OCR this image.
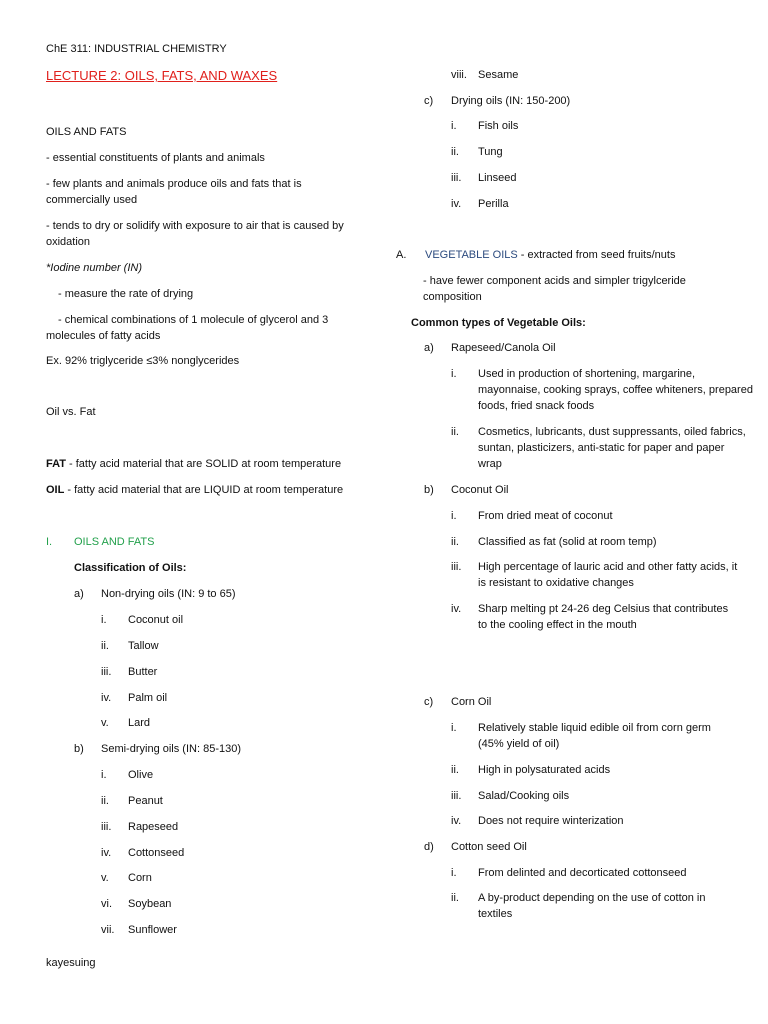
ChE 311: INDUSTRIAL CHEMISTRY
LECTURE 2: OILS, FATS, AND WAXES
OILS AND FATS
- essential constituents of plants and animals
- few plants and animals produce oils and fats that is commercially used
- tends to dry or solidify with exposure to air that is caused by oxidation
*Iodine number (IN)
- measure the rate of drying
- chemical combinations of 1 molecule of glycerol and 3 molecules of fatty acids
Ex. 92% triglyceride ≤3% nonglycerides
Oil vs. Fat
FAT - fatty acid material that are SOLID at room temperature
OIL - fatty acid material that are LIQUID at room temperature
I. OILS AND FATS
Classification of Oils:
a) Non-drying oils (IN: 9 to 65)
i. Coconut oil
ii. Tallow
iii. Butter
iv. Palm oil
v. Lard
b) Semi-drying oils (IN: 85-130)
i. Olive
ii. Peanut
iii. Rapeseed
iv. Cottonseed
v. Corn
vi. Soybean
vii. Sunflower
kayesuing
viii. Sesame
c) Drying oils (IN: 150-200)
i. Fish oils
ii. Tung
iii. Linseed
iv. Perilla
A. VEGETABLE OILS - extracted from seed fruits/nuts
- have fewer component acids and simpler trigylceride composition
Common types of Vegetable Oils:
a) Rapeseed/Canola Oil
i. Used in production of shortening, margarine, mayonnaise, cooking sprays, coffee whiteners, prepared foods, fried snack foods
ii. Cosmetics, lubricants, dust suppressants, oiled fabrics, suntan, plasticizers, anti-static for paper and paper wrap
b) Coconut Oil
i. From dried meat of coconut
ii. Classified as fat (solid at room temp)
iii. High percentage of lauric acid and other fatty acids, it is resistant to oxidative changes
iv. Sharp melting pt 24-26 deg Celsius that contributes to the cooling effect in the mouth
c) Corn Oil
i. Relatively stable liquid edible oil from corn germ (45% yield of oil)
ii. High in polysaturated acids
iii. Salad/Cooking oils
iv. Does not require winterization
d) Cotton seed Oil
i. From delinted and decorticated cottonseed
ii. A by-product depending on the use of cotton in textiles
